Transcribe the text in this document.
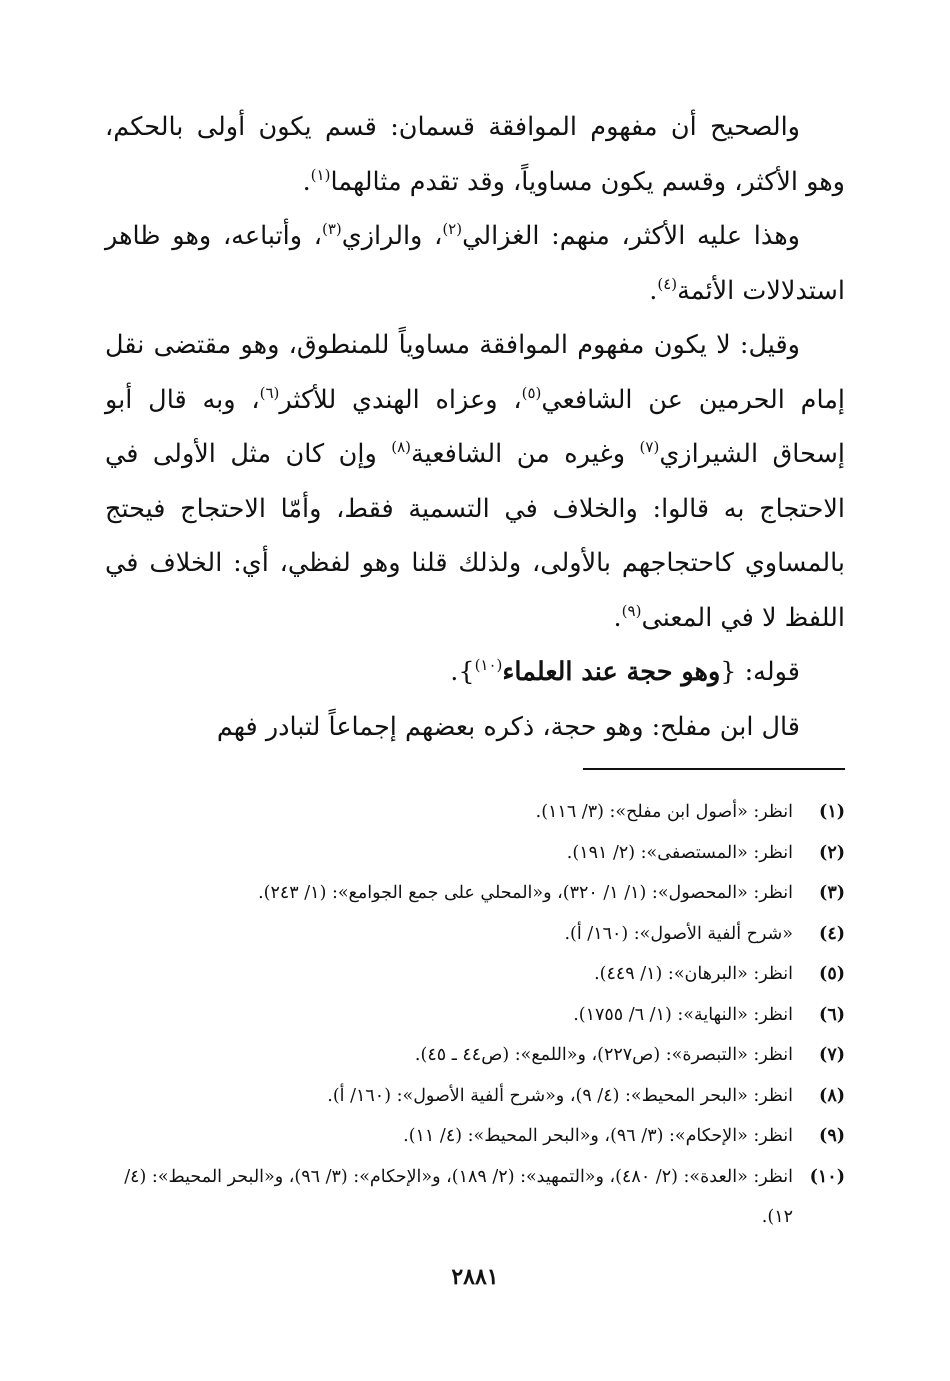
والصحيح أن مفهوم الموافقة قسمان: قسم يكون أولى بالحكم، وهو الأكثر، وقسم يكون مساوياً، وقد تقدم مثالهما$^{(١)}$.

وهذا عليه الأكثر، منهم: الغزالي$^{(٢)}$، والرازي$^{(٣)}$، وأتباعه، وهو ظاهر استدلالات الأئمة$^{(٤)}$.

وقيل: لا يكون مفهوم الموافقة مساوياً للمنطوق، وهو مقتضى نقل إمام الحرمين عن الشافعي$^{(٥)}$، وعزاه الهندي للأكثر$^{(٦)}$، وبه قال أبو إسحاق الشيرازي$^{(٧)}$ وغيره من الشافعية$^{(٨)}$ وإن كان مثل الأولى في الاحتجاج به قالوا: والخلاف في التسمية فقط، وأمّا الاحتجاج فيحتج بالمساوي كاحتجاجهم بالأولى، ولذلك قلنا وهو لفظي، أي: الخلاف في اللفظ لا في المعنى$^{(٩)}$.

قوله: {وهو حجة عند العلماء$^{(١٠)}$}.

قال ابن مفلح: وهو حجة، ذكره بعضهم إجماعاً لتبادر فهم

(١)
انظر: «أصول ابن مفلح»: (٣/ ١١٦).
(٢)
انظر: «المستصفى»: (٢/ ١٩١).
(٣)
انظر: «المحصول»: (١/ ١/ ٣٢٠)، و«المحلي على جمع الجوامع»: (١/ ٢٤٣).
(٤)
«شرح ألفية الأصول»: (١٦٠/ أ).
(٥)
انظر: «البرهان»: (١/ ٤٤٩).
(٦)
انظر: «النهاية»: (١/ ٦/ ١٧٥٥).
(٧)
انظر: «التبصرة»: (ص٢٢٧)، و«اللمع»: (ص٤٤ ـ ٤٥).
(٨)
انظر: «البحر المحيط»: (٤/ ٩)، و«شرح ألفية الأصول»: (١٦٠/ أ).
(٩)
انظر: «الإحكام»: (٣/ ٩٦)، و«البحر المحيط»: (٤/ ١١).
(١٠)
انظر: «العدة»: (٢/ ٤٨٠)، و«التمهيد»: (٢/ ١٨٩)، و«الإحكام»: (٣/ ٩٦)، و«البحر المحيط»: (٤/ ١٢).
٢٨٨١
